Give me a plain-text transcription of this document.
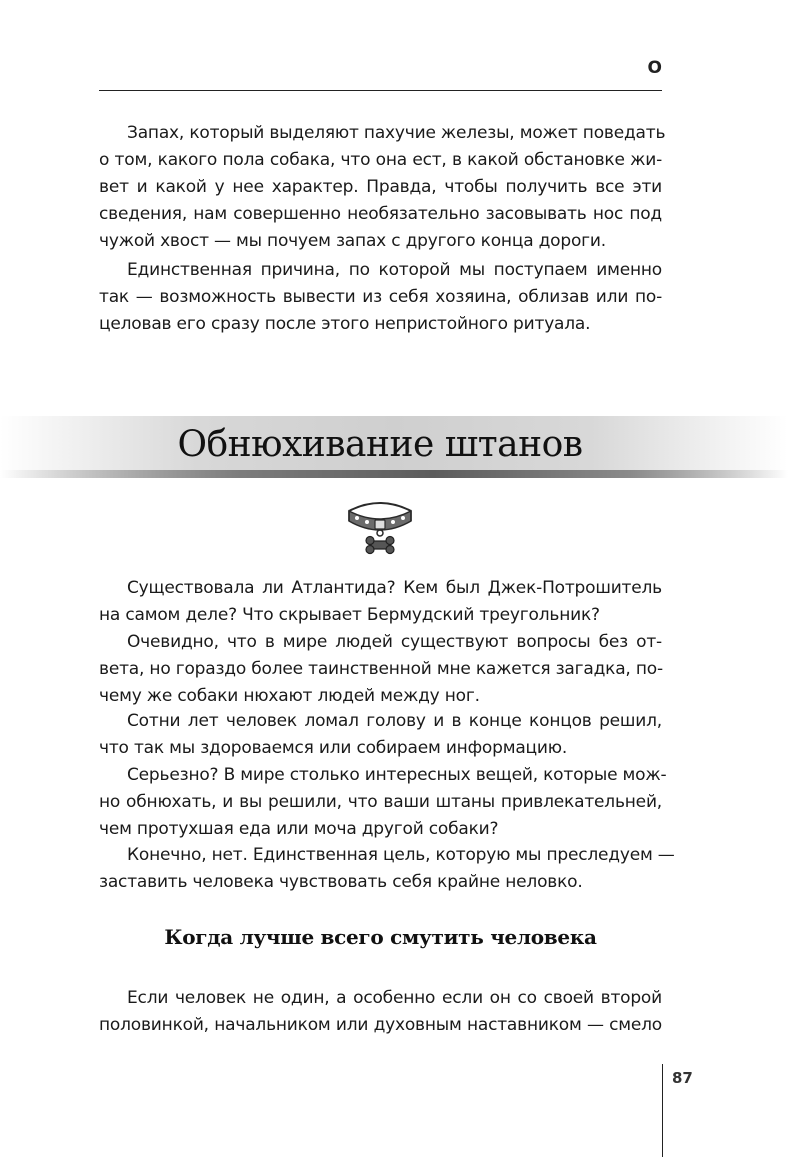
O
Запах, который выделяют пахучие железы, может поведать
о том, какого пола собака, что она ест, в какой обстановке жи-
вет и какой у нее характер. Правда, чтобы получить все эти
сведения, нам совершенно необязательно засовывать нос под
чужой хвост — мы почуем запах с другого конца дороги.
Единственная причина, по которой мы поступаем именно
так — возможность вывести из себя хозяина, облизав или по-
целовав его сразу после этого непристойного ритуала.
Обнюхивание штанов
Существовала ли Атлантида? Кем был Джек-Потрошитель
на самом деле? Что скрывает Бермудский треугольник?
Очевидно, что в мире людей существуют вопросы без от-
вета, но гораздо более таинственной мне кажется загадка, по-
чему же собаки нюхают людей между ног.
Сотни лет человек ломал голову и в конце концов решил,
что так мы здороваемся или собираем информацию.
Серьезно? В мире столько интересных вещей, которые мож-
но обнюхать, и вы решили, что ваши штаны привлекательней,
чем протухшая еда или моча другой собаки?
Конечно, нет. Единственная цель, которую мы преследуем —
заставить человека чувствовать себя крайне неловко.
Когда лучше всего смутить человека
Если человек не один, а особенно если он со своей второй
половинкой, начальником или духовным наставником — смело
87
